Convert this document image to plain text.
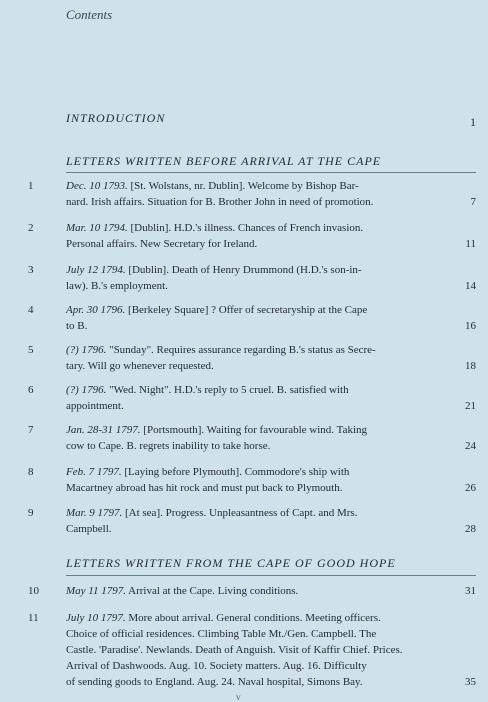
Contents
INTRODUCTION	1
LETTERS WRITTEN BEFORE ARRIVAL AT THE CAPE
1	Dec. 10 1793. [St. Wolstans, nr. Dublin]. Welcome by Bishop Bar-
nard. Irish affairs. Situation for B. Brother John in need of promotion.	7
2	Mar. 10 1794. [Dublin]. H.D.'s illness. Chances of French invasion.
Personal affairs. New Secretary for Ireland.	11
3	July 12 1794. [Dublin]. Death of Henry Drummond (H.D.'s son-in-
law). B.'s employment.	14
4	Apr. 30 1796. [Berkeley Square] ? Offer of secretaryship at the Cape
to B.	16
5	(?) 1796. "Sunday". Requires assurance regarding B.'s status as Secre-
tary. Will go whenever requested.	18
6	(?) 1796. "Wed. Night". H.D.'s reply to 5 cruel. B. satisfied with
appointment.	21
7	Jan. 28-31 1797. [Portsmouth]. Waiting for favourable wind. Taking
cow to Cape. B. regrets inability to take horse.	24
8	Feb. 7 1797. [Laying before Plymouth]. Commodore's ship with
Macartney abroad has hit rock and must put back to Plymouth.	26
9	Mar. 9 1797. [At sea]. Progress. Unpleasantness of Capt. and Mrs.
Campbell.	28
LETTERS WRITTEN FROM THE CAPE OF GOOD HOPE
10	May 11 1797. Arrival at the Cape. Living conditions.	31
11	July 10 1797. More about arrival. General conditions. Meeting officers.
Choice of official residences. Climbing Table Mt./Gen. Campbell. The
Castle. 'Paradise'. Newlands. Death of Anguish. Visit of Kaffir Chief. Prices.
Arrival of Dashwoods. Aug. 10. Society matters. Aug. 16. Difficulty
of sending goods to England. Aug. 24. Naval hospital, Simons Bay.	35
v
